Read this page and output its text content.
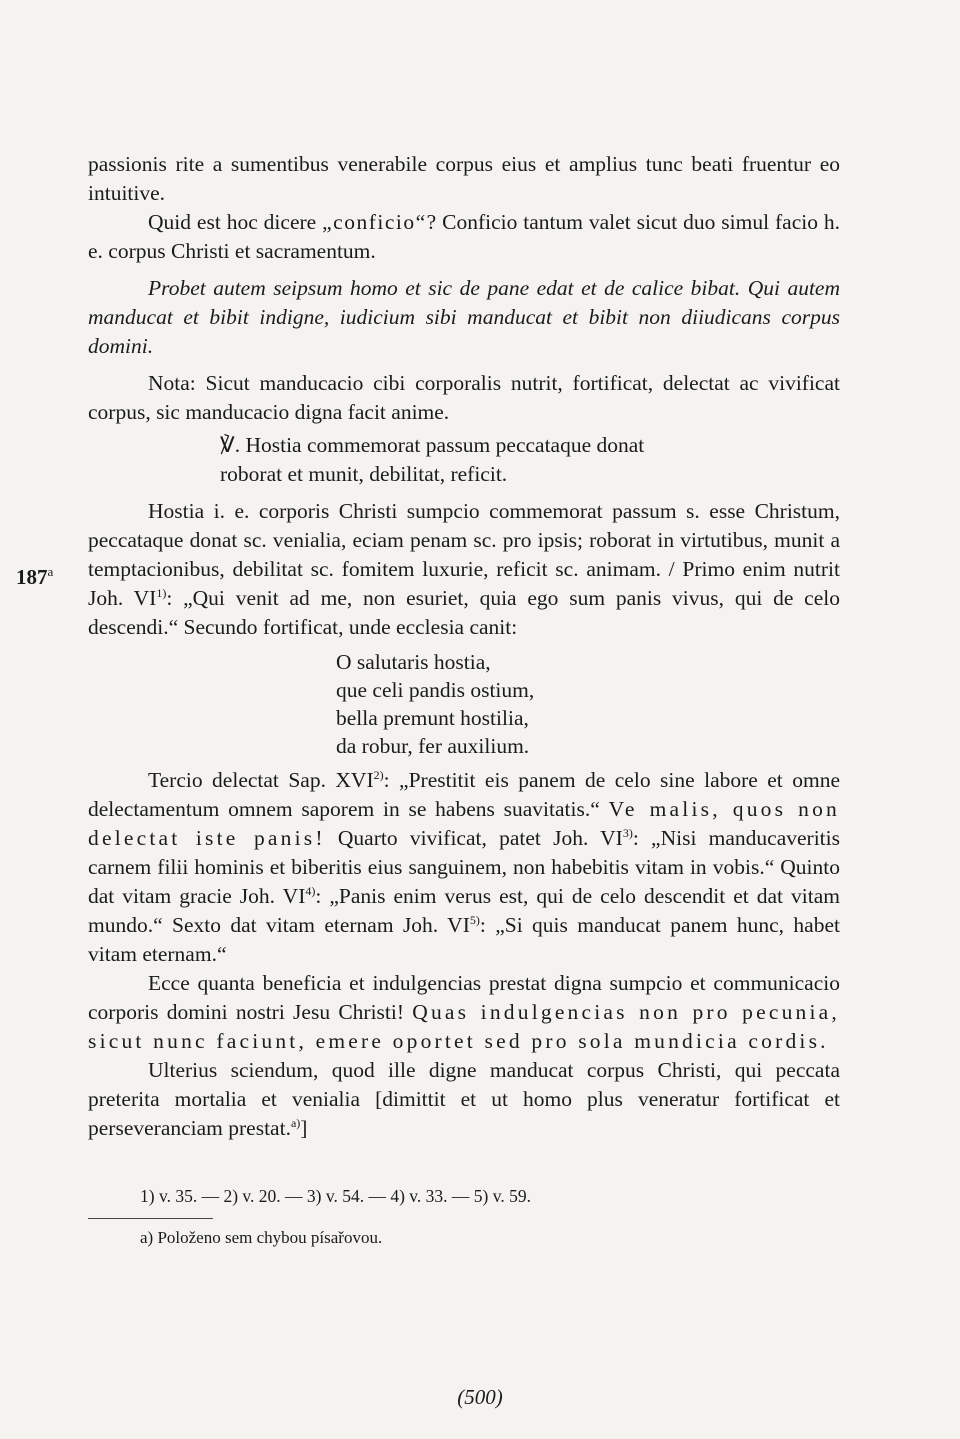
passionis rite a sumentibus venerabile corpus eius et amplius tunc beati fruentur eo intuitive.

Quid est hoc dicere „conficio“? Conficio tantum valet sicut duo simul facio h. e. corpus Christi et sacramentum.

Probet autem seipsum homo et sic de pane edat et de calice bibat. Qui autem manducat et bibit indigne, iudicium sibi manducat et bibit non diiudicans corpus domini.

Nota: Sicut manducacio cibi corporalis nutrit, fortificat, delectat ac vivificat corpus, sic manducacio digna facit anime.

℣. Hostia commemorat passum peccataque donat
roborat et munit, debilitat, reficit.

Hostia i. e. corporis Christi sumpcio commemorat passum s. esse Christum, peccataque donat sc. venialia, eciam penam sc. pro ipsis; roborat in virtutibus, munit a temptacionibus, debilitat sc. fomitem luxurie, reficit sc. animam. / Primo enim nutrit Joh. VI$^{1)}$: „Qui venit ad me, non esuriet, quia ego sum panis vivus, qui de celo descendi.“ Secundo fortificat, unde ecclesia canit:

O salutaris hostia,
que celi pandis ostium,
bella premunt hostilia,
da robur, fer auxilium.

Tercio delectat Sap. XVI$^{2)}$: „Prestitit eis panem de celo sine labore et omne delectamentum omnem saporem in se habens suavitatis.“ Ve malis, quos non delectat iste panis! Quarto vivificat, patet Joh. VI$^{3)}$: „Nisi manducaveritis carnem filii hominis et biberitis eius sanguinem, non habebitis vitam in vobis.“ Quinto dat vitam gracie Joh. VI$^{4)}$: „Panis enim verus est, qui de celo descendit et dat vitam mundo.“ Sexto dat vitam eternam Joh. VI$^{5)}$: „Si quis manducat panem hunc, habet vitam eternam.“

Ecce quanta beneficia et indulgencias prestat digna sumpcio et communicacio corporis domini nostri Jesu Christi! Quas indulgencias non pro pecunia, sicut nunc faciunt, emere oportet sed pro sola mundicia cordis.

Ulterius sciendum, quod ille digne manducat corpus Christi, qui peccata preterita mortalia et venialia [dimittit et ut homo plus veneratur fortificat et perseveranciam prestat.$^{a)}$]

187$^a$
1) v. 35. — 2) v. 20. — 3) v. 54. — 4) v. 33. — 5) v. 59.
a) Položeno sem chybou písařovou.
(500)
